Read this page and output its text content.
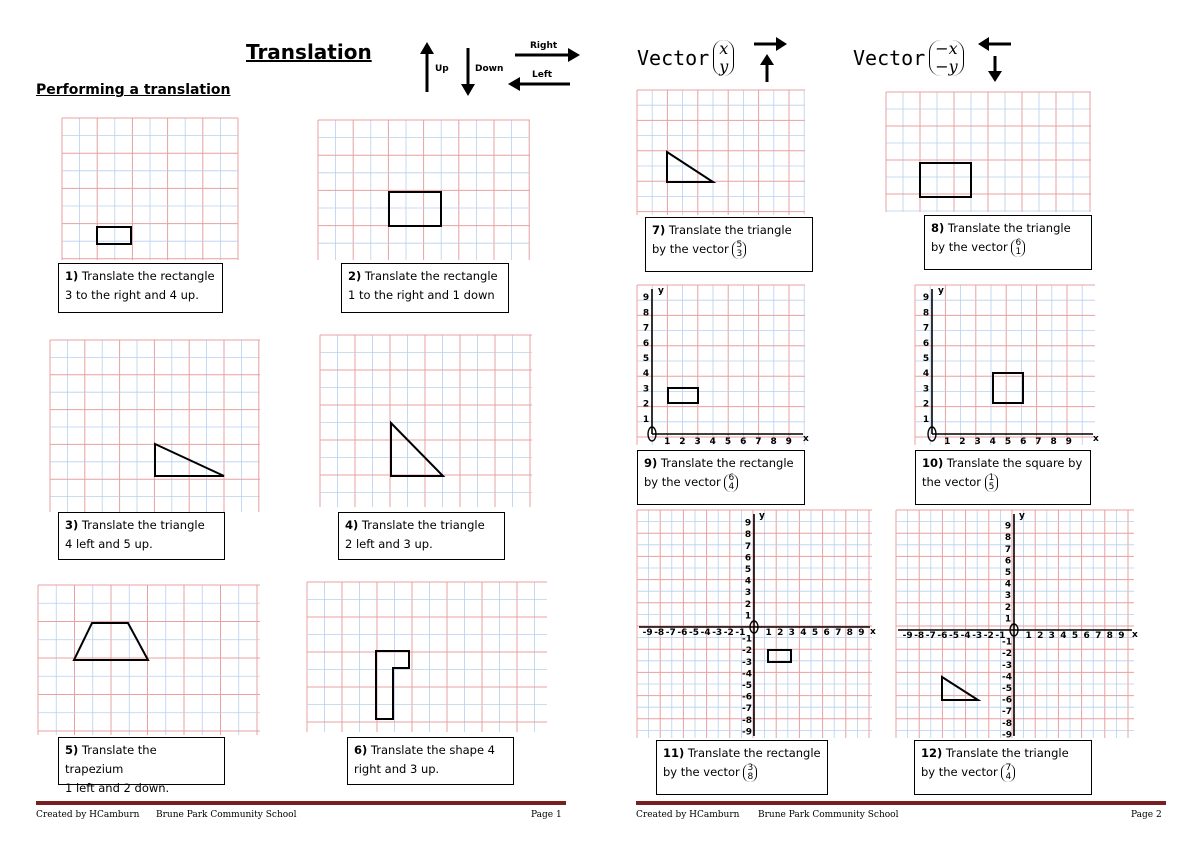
Translation
Performing a translation
Up	Down
Right
Left
1) Translate the rectangle
3 to the right and 4 up.
2) Translate the rectangle
1 to the right and 1 down
3) Translate the triangle
4 left and 5 up.
4) Translate the triangle
2 left and 3 up.
5) Translate the trapezium
1 left and 2 down.
6) Translate the shape 4
right and 3 up.
Created by HCamburn Brune Park Community School	Page 1
Vector x
y	Vector −x
−y
1
1
2
2
3
3
4
4
5
5
6
6
7
7
8
8
9
9
x
y
1
1
2
2
3
3
4
4
5
5
6
6
7
7
8
8
9
9
x
y
1
1
2
2
3
3
4
4
5
5
6
6
7
7
8
8
9
9
-1
-1
-2
-2
-3
-3
-4
-4
-5
-5
-6
-6
-7
-7
-8
-8
-9
-9
x
y
1
1
2
2
3
3
4
4
5
5
6
6
7
7
8
8
9
9
-1
-1
-2
-2
-3
-3
-4
-4
-5
-5
-6
-6
-7
-7
-8
-8
-9
-9
x
y
7) Translate the triangle
by the vector 5
3
8) Translate the triangle
by the vector 6
1
9) Translate the rectangle
by the vector 6
4
10) Translate the square by
the vector 1
5
11) Translate the rectangle
by the vector 3
8
12) Translate the triangle
by the vector 7
4
Created by HCamburn Brune Park Community School	Page 2
